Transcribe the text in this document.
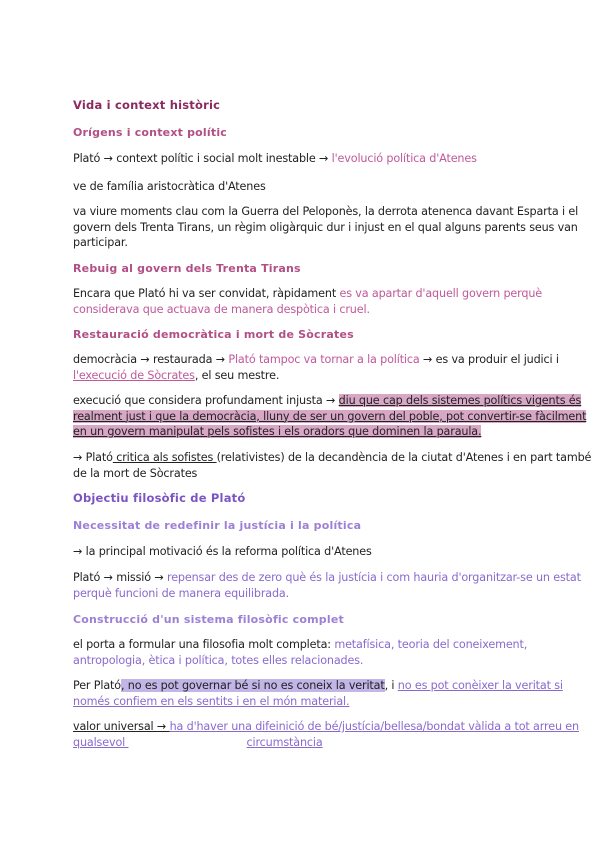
Vida i context històric
Orígens i context polític
Plató → context polític i social molt inestable → l'evolució política d'Atenes
ve de família aristocràtica d'Atenes
va viure moments clau com la Guerra del Peloponès, la derrota atenenca davant Esparta i el govern dels Trenta Tirans, un règim oligàrquic dur i injust en el qual alguns parents seus van participar.
Rebuig al govern dels Trenta Tirans
Encara que Plató hi va ser convidat, ràpidament es va apartar d'aquell govern perquè considerava que actuava de manera despòtica i cruel.
Restauració democràtica i mort de Sòcrates
democràcia → restaurada → Plató tampoc va tornar a la política → es va produir el judici i l'execució de Sòcrates, el seu mestre.
execució que considera profundament injusta → diu que cap dels sistemes polítics vigents és realment just i que la democràcia, lluny de ser un govern del poble, pot convertir-se fàcilment en un govern manipulat pels sofistes i els oradors que dominen la paraula.
→ Plató critica als sofistes (relativistes) de la decandència de la ciutat d'Atenes i en part també de la mort de Sòcrates
Objectiu filosòfic de Plató
Necessitat de redefinir la justícia i la política
→ la principal motivació és la reforma política d'Atenes
Plató → missió → repensar des de zero què és la justícia i com hauria d'organitzar-se un estat perquè funcioni de manera equilibrada.
Construcció d'un sistema filosòfic complet
el porta a formular una filosofia molt completa: metafísica, teoria del coneixement, antropologia, ètica i política, totes elles relacionades.
Per Plató, no es pot governar bé si no es coneix la veritat, i no es pot conèixer la veritat si només confiem en els sentits i en el món material.
valor universal → ha d'haver una difeinició de bé/justícia/bellesa/bondat vàlida a tot arreu en
qualsevol	circumstància
